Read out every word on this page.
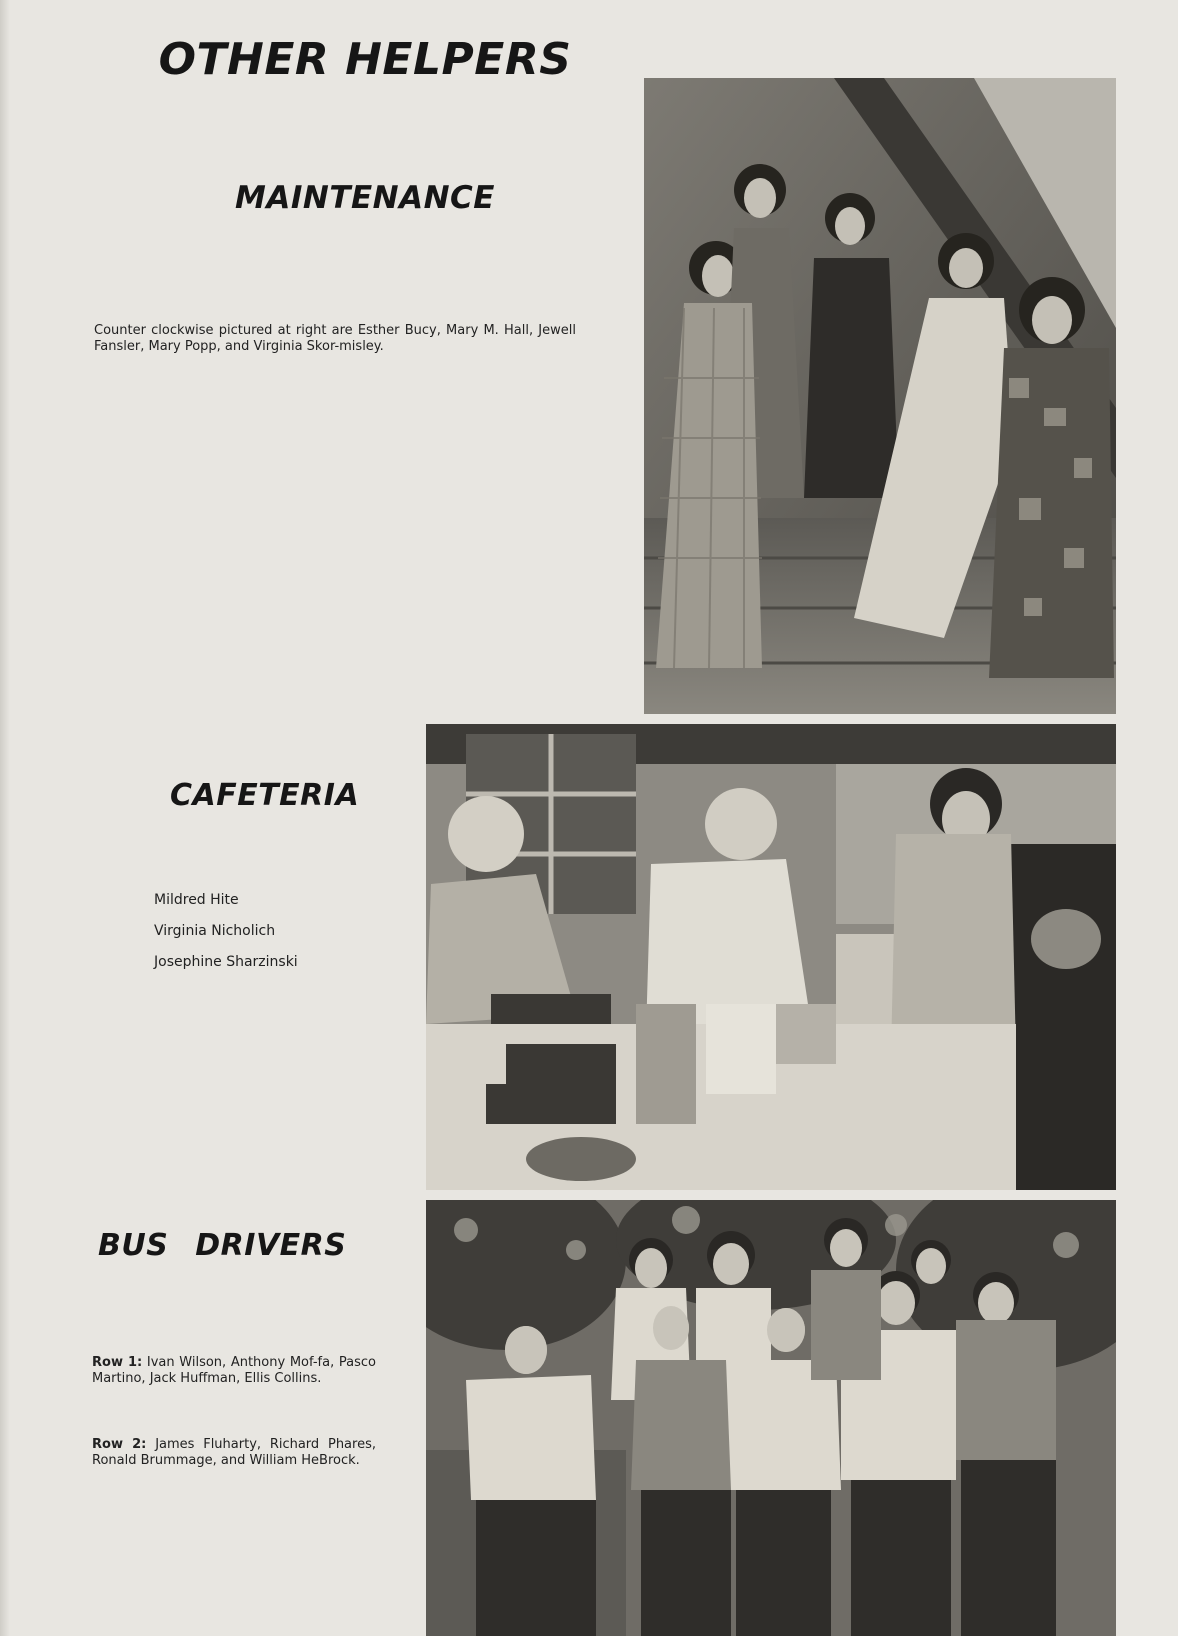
OTHER HELPERS
MAINTENANCE

Counter clockwise pictured at right are Esther Bucy, Mary M. Hall, Jewell Fansler, Mary Popp, and Virginia Skor-misley.

CAFETERIA
Mildred Hite
Virginia Nicholich
Josephine Sharzinski
BUS DRIVERS

Row 1: Ivan Wilson, Anthony Mof-fa, Pasco Martino, Jack Huffman, Ellis Collins.

Row 2: James Fluharty, Richard Phares, Ronald Brummage, and William HeBrock.
